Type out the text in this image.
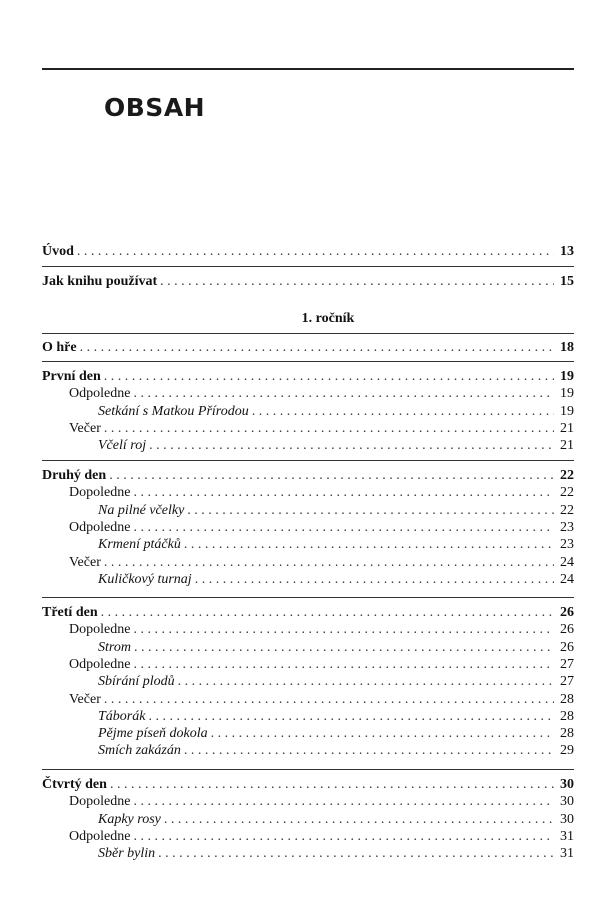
OBSAH
Úvod . . .	13
Jak knihu používat . . .	15
1. ročník
O hře . . .	18
První den . . .	19
Odpoledne . . .	19
Setkání s Matkou Přírodou . . .	19
Večer . . .	21
Včelí roj . . .	21
Druhý den . . .	22
Dopoledne . . .	22
Na pilné včelky . . .	22
Odpoledne . . .	23
Krmení ptáčků . . .	23
Večer . . .	24
Kuličkový turnaj . . .	24
Třetí den . . .	26
Dopoledne . . .	26
Strom . . .	26
Odpoledne . . .	27
Sbírání plodů . . .	27
Večer . . .	28
Táborák . . .	28
Pějme píseň dokola . . .	28
Smích zakázán . . .	29
Čtvrtý den . . .	30
Dopoledne . . .	30
Kapky rosy . . .	30
Odpoledne . . .	31
Sběr bylin . . .	31
